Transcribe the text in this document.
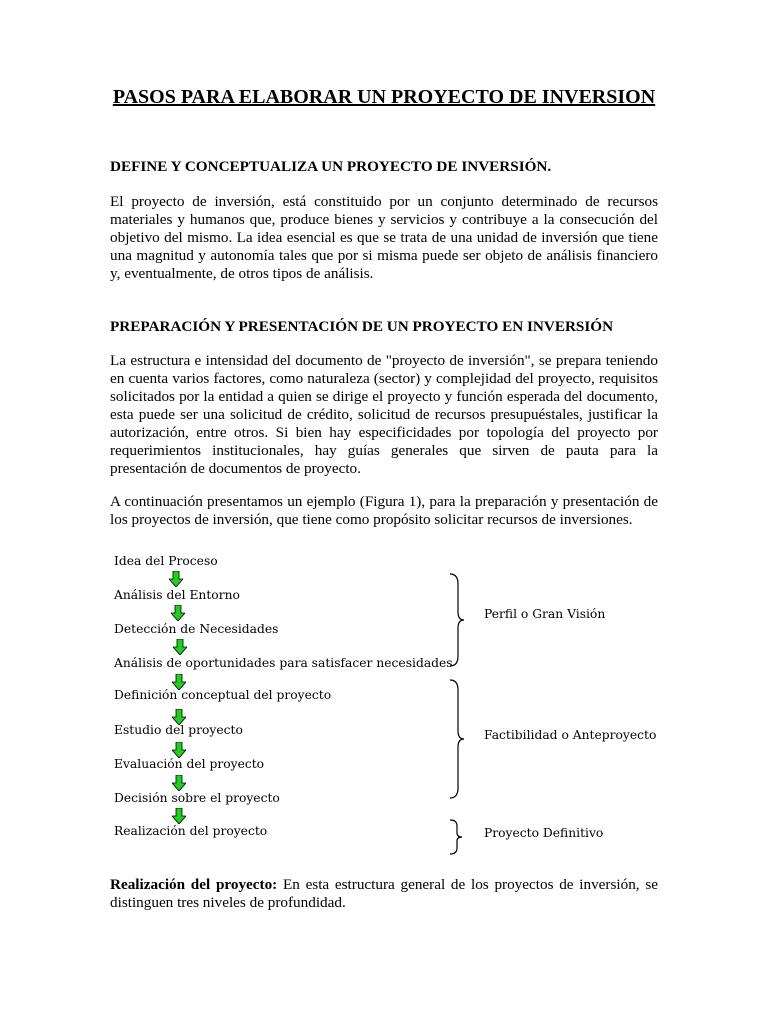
PASOS PARA ELABORAR UN PROYECTO DE INVERSION
DEFINE Y CONCEPTUALIZA UN PROYECTO DE INVERSIÓN.

El proyecto de inversión, está constituido por un conjunto determinado de recursos materiales y humanos que, produce bienes y servicios y contribuye a la consecución del objetivo del mismo. La idea esencial es que se trata de una unidad de inversión que tiene una magnitud y autonomía tales que por si misma puede ser objeto de análisis financiero y, eventualmente, de otros tipos de análisis.

PREPARACIÓN Y PRESENTACIÓN DE UN PROYECTO EN INVERSIÓN

La estructura e intensidad del documento de "proyecto de inversión", se prepara teniendo en cuenta varios factores, como naturaleza (sector) y complejidad del proyecto, requisitos solicitados por la entidad a quien se dirige el proyecto y función esperada del documento, esta puede ser una solicitud de crédito, solicitud de recursos presupuéstales, justificar la autorización, entre otros. Si bien hay especificidades por topología del proyecto por requerimientos institucionales, hay guías generales que sirven de pauta para la presentación de documentos de proyecto.

A continuación presentamos un ejemplo (Figura 1), para la preparación y presentación de los proyectos de inversión, que tiene como propósito solicitar recursos de inversiones.

Idea del Proceso
Análisis del Entorno
Detección de Necesidades
Análisis de oportunidades para satisfacer necesidades
Definición conceptual del proyecto
Estudio del proyecto
Evaluación del proyecto
Decisión sobre el proyecto
Realización del proyecto
Perfil o Gran Visión
Factibilidad o Anteproyecto
Proyecto Definitivo

Realización del proyecto: En esta estructura general de los proyectos de inversión, se distinguen tres niveles de profundidad.
